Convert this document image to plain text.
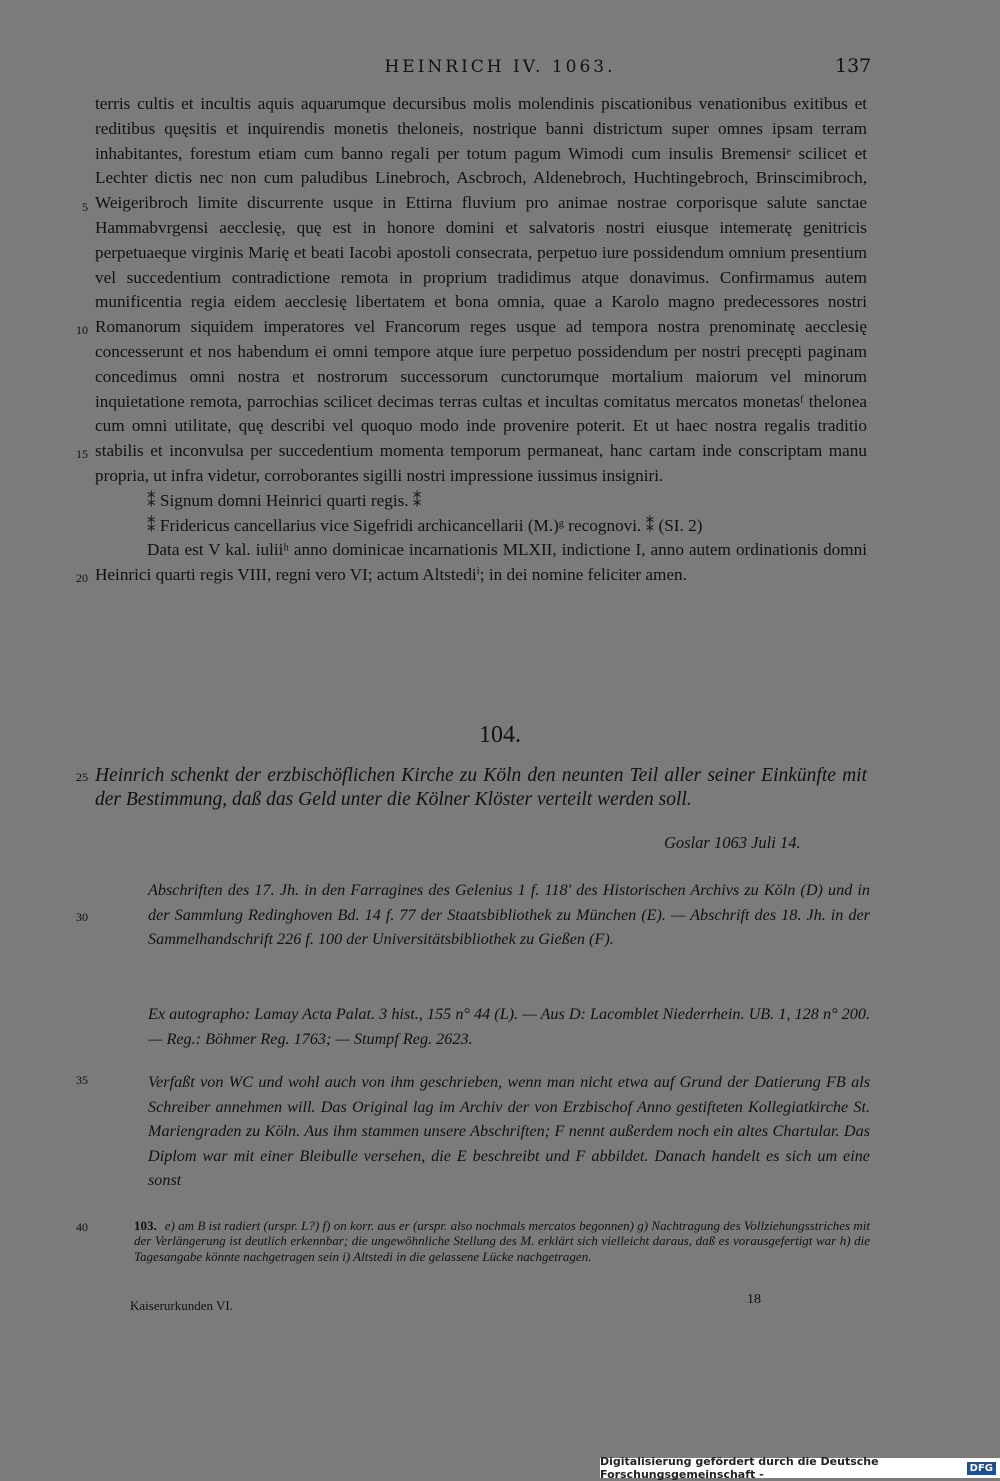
HEINRICH IV. 1063.	137
5
10
15
20
25
30
35
40

terris cultis et incultis aquis aquarumque decursibus molis molendinis piscationibus venationibus exitibus et reditibus quęsitis et inquirendis monetis theloneis, nostrique banni districtum super omnes ipsam terram inhabitantes, forestum etiam cum banno regali per totum pagum Wimodi cum insulis Bremensiᵉ scilicet et Lechter dictis nec non cum paludibus Linebroch, Ascbroch, Aldenebroch, Huchtingebroch, Brinscimibroch, Weigeribroch limite discurrente usque in Ettirna fluvium pro animae nostrae corporisque salute sanctae Hammabvrgensi aecclesię, quę est in honore domini et salvatoris nostri eiusque intemeratę genitricis perpetuaeque virginis Marię et beati Iacobi apostoli consecrata, perpetuo iure possidendum omnium presentium vel succedentium contradictione remota in proprium tradidimus atque donavimus. Confirmamus autem munificentia regia eidem aecclesię libertatem et bona omnia, quae a Karolo magno predecessores nostri Romanorum siquidem imperatores vel Francorum reges usque ad tempora nostra prenominatę aecclesię concesserunt et nos habendum ei omni tempore atque iure perpetuo possidendum per nostri precępti paginam concedimus omni nostra et nostrorum successorum cunctorumque mortalium maiorum vel minorum inquietatione remota, parrochias scilicet decimas terras cultas et incultas comitatus mercatos monetasᶠ thelonea cum omni utilitate, quę describi vel quoquo modo inde provenire poterit. Et ut haec nostra regalis traditio stabilis et inconvulsa per succedentium momenta temporum permaneat, hanc cartam inde conscriptam manu propria, ut infra videtur, corroborantes sigilli nostri impressione iussimus insigniri.

⁑ Signum domni Heinrici quarti regis. ⁑

⁑ Fridericus cancellarius vice Sigefridi archicancellarii (M.)ᵍ recognovi. ⁑ (SI. 2)

Data est V kal. iuliiʰ anno dominicae incarnationis MLXII, indictione I, anno autem ordinationis domni Heinrici quarti regis VIII, regni vero VI; actum Altstediⁱ; in dei nomine feliciter amen.

104.
Heinrich schenkt der erzbischöflichen Kirche zu Köln den neunten Teil aller seiner Einkünfte mit der Bestimmung, daß das Geld unter die Kölner Klöster verteilt werden soll.
Goslar 1063 Juli 14.

Abschriften des 17. Jh. in den Farragines des Gelenius 1 f. 118' des Historischen Archivs zu Köln (D) und in der Sammlung Redinghoven Bd. 14 f. 77 der Staatsbibliothek zu München (E). — Abschrift des 18. Jh. in der Sammelhandschrift 226 f. 100 der Universitätsbibliothek zu Gießen (F).

Ex autographo: Lamay Acta Palat. 3 hist., 155 n° 44 (L). — Aus D: Lacomblet Niederrhein. UB. 1, 128 n° 200. — Reg.: Böhmer Reg. 1763; — Stumpf Reg. 2623.

Verfaßt von WC und wohl auch von ihm geschrieben, wenn man nicht etwa auf Grund der Datierung FB als Schreiber annehmen will. Das Original lag im Archiv der von Erzbischof Anno gestifteten Kollegiatkirche St. Mariengraden zu Köln. Aus ihm stammen unsere Abschriften; F nennt außerdem noch ein altes Chartular. Das Diplom war mit einer Bleibulle versehen, die E beschreibt und F abbildet. Danach handelt es sich um eine sonst

103. e) am B ist radiert (urspr. L?) f) on korr. aus er (urspr. also nochmals mercatos begonnen) g) Nachtragung des Vollziehungsstriches mit der Verlängerung ist deutlich erkennbar; die ungewöhnliche Stellung des M. erklärt sich vielleicht daraus, daß es vorausgefertigt war h) die Tagesangabe könnte nachgetragen sein i) Altstedi in die gelassene Lücke nachgetragen.
Kaiserurkunden VI.	18
Digitalisierung gefördert durch die Deutsche Forschungsgemeinschaft -	DFG
